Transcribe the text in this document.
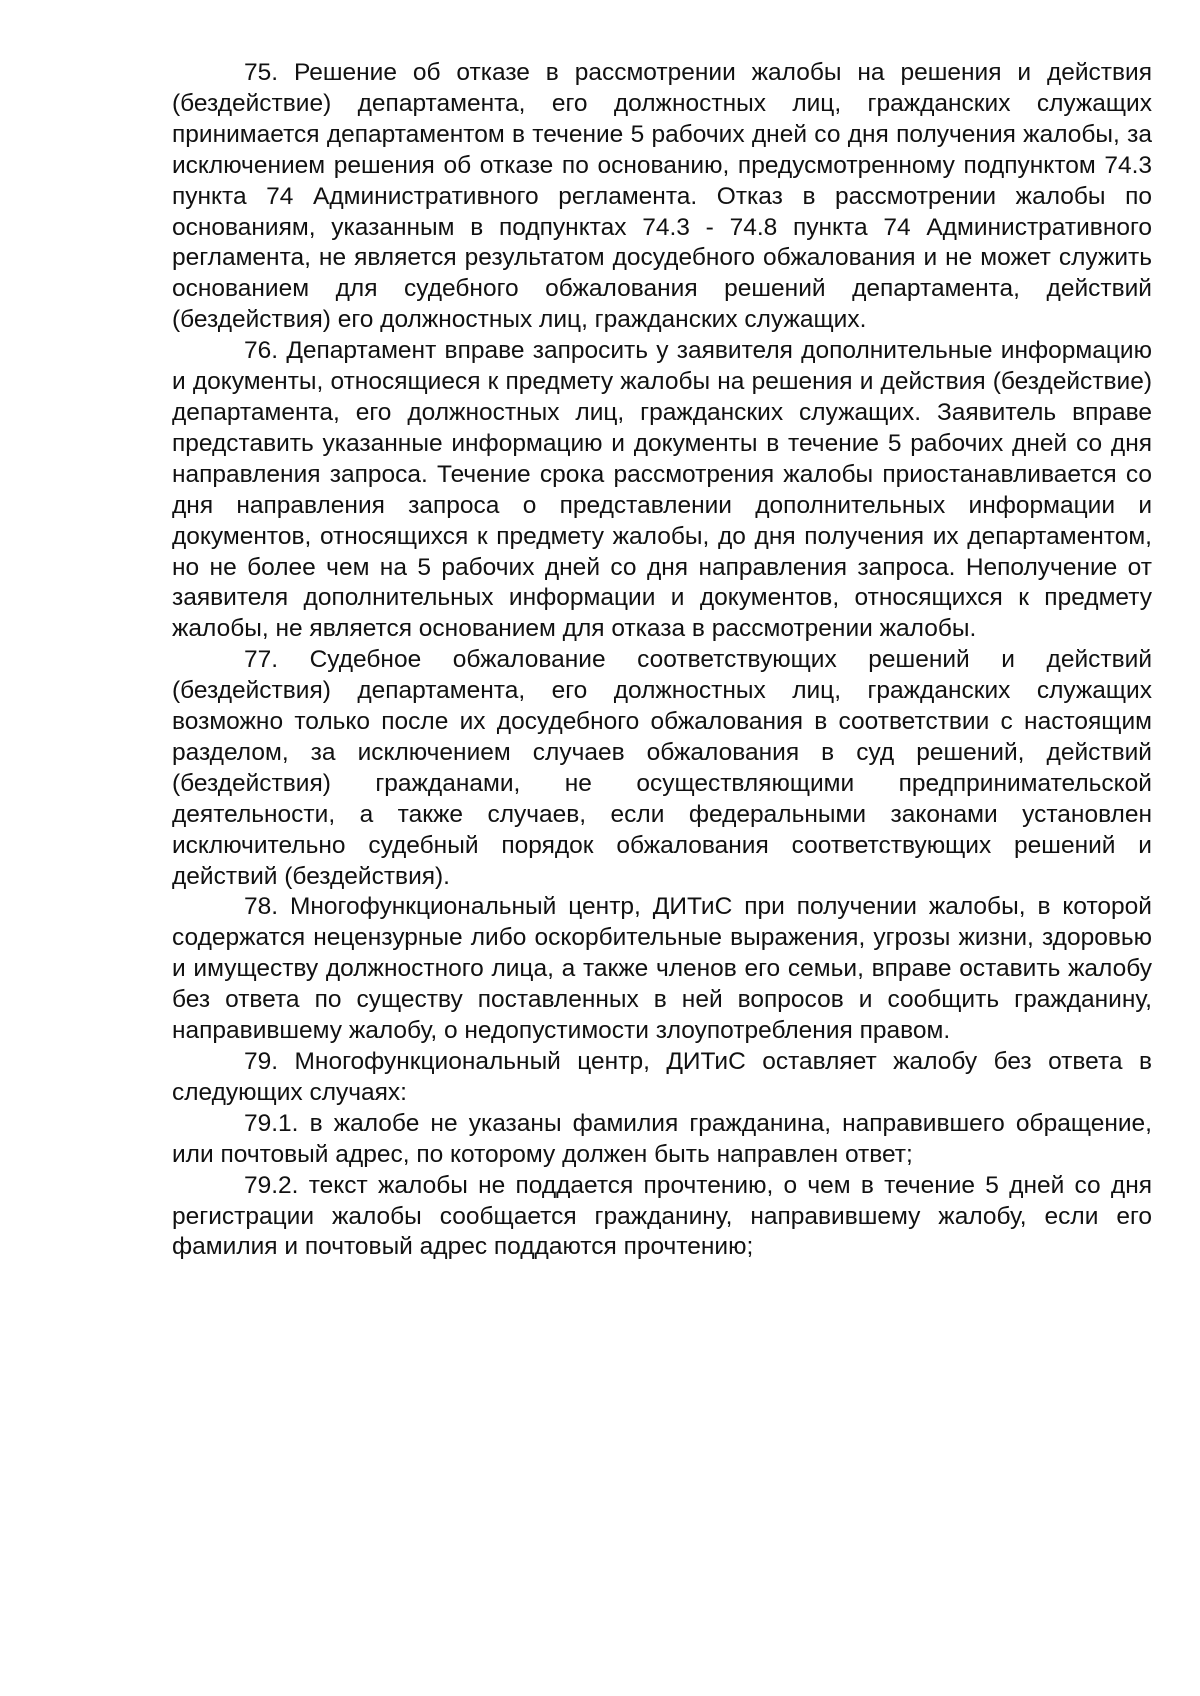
75. Решение об отказе в рассмотрении жалобы на решения и действия (бездействие) департамента, его должностных лиц, гражданских служащих принимается департаментом в течение 5 рабочих дней со дня получения жалобы, за исключением решения об отказе по основанию, предусмотренному подпунктом 74.3 пункта 74 Административного регламента. Отказ в рассмотрении жалобы по основаниям, указанным в подпунктах 74.3 - 74.8 пункта 74 Административного регламента, не является результатом досудебного обжалования и не может служить основанием для судебного обжалования решений департамента, действий (бездействия) его должностных лиц, гражданских служащих.

76. Департамент вправе запросить у заявителя дополнительные информацию и документы, относящиеся к предмету жалобы на решения и действия (бездействие) департамента, его должностных лиц, гражданских служащих. Заявитель вправе представить указанные информацию и документы в течение 5 рабочих дней со дня направления запроса. Течение срока рассмотрения жалобы приостанавливается со дня направления запроса о представлении дополнительных информации и документов, относящихся к предмету жалобы, до дня получения их департаментом, но не более чем на 5 рабочих дней со дня направления запроса. Неполучение от заявителя дополнительных информации и документов, относящихся к предмету жалобы, не является основанием для отказа в рассмотрении жалобы.

77. Судебное обжалование соответствующих решений и действий (бездействия) департамента, его должностных лиц, гражданских служащих возможно только после их досудебного обжалования в соответствии с настоящим разделом, за исключением случаев обжалования в суд решений, действий (бездействия) гражданами, не осуществляющими предпринимательской деятельности, а также случаев, если федеральными законами установлен исключительно судебный порядок обжалования соответствующих решений и действий (бездействия).

78. Многофункциональный центр, ДИТиС при получении жалобы, в которой содержатся нецензурные либо оскорбительные выражения, угрозы жизни, здоровью и имуществу должностного лица, а также членов его семьи, вправе оставить жалобу без ответа по существу поставленных в ней вопросов и сообщить гражданину, направившему жалобу, о недопустимости злоупотребления правом.

79. Многофункциональный центр, ДИТиС оставляет жалобу без ответа в следующих случаях:

79.1. в жалобе не указаны фамилия гражданина, направившего обращение, или почтовый адрес, по которому должен быть направлен ответ;

79.2. текст жалобы не поддается прочтению, о чем в течение 5 дней со дня регистрации жалобы сообщается гражданину, направившему жалобу, если его фамилия и почтовый адрес поддаются прочтению;
